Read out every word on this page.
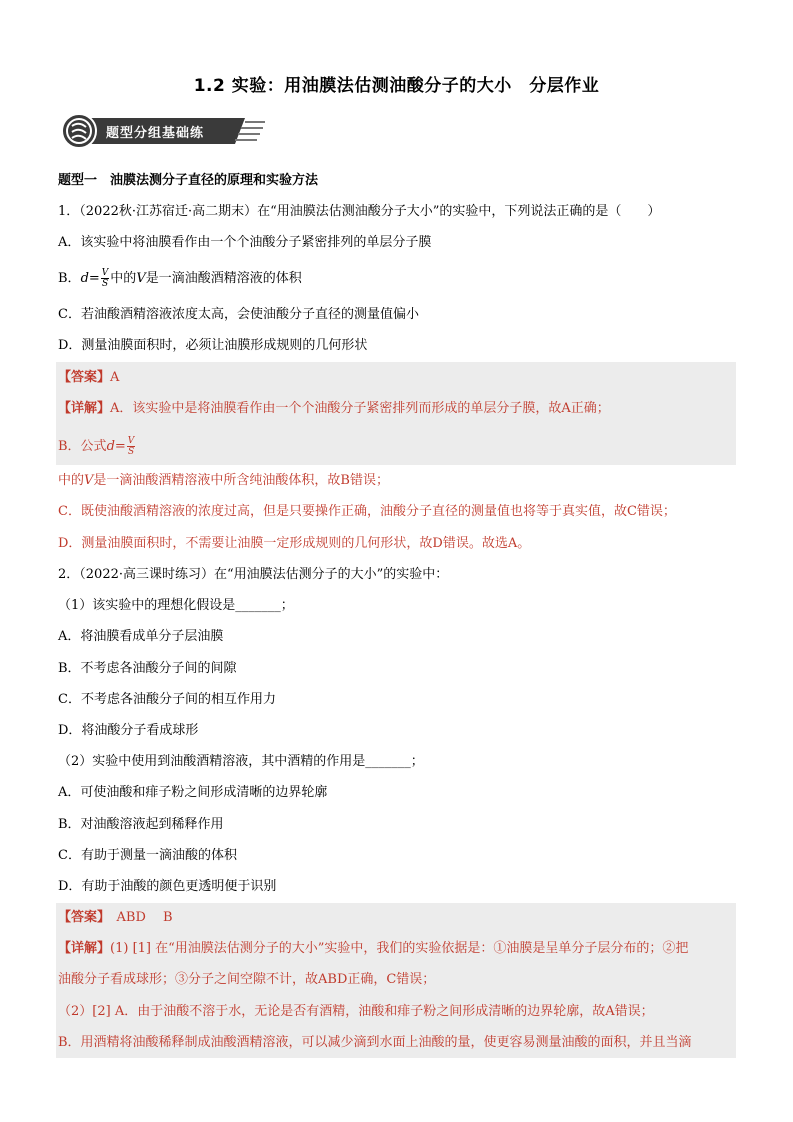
1.2 实验：用油膜法估测油酸分子的大小　分层作业
题型分组基础练
题型一　油膜法测分子直径的原理和实验方法
1．（2022秋·江苏宿迁·高二期末）在“用油膜法估测油酸分子大小”的实验中，下列说法正确的是（　　）
A．该实验中将油膜看作由一个个油酸分子紧密排列的单层分子膜
B．$d= \frac{V}{S}$ 中的V是一滴油酸酒精溶液的体积
C．若油酸酒精溶液浓度太高，会使油酸分子直径的测量值偏小
D．测量油膜面积时，必须让油膜形成规则的几何形状
【答案】A
【详解】A．该实验中是将油膜看作由一个个油酸分子紧密排列而形成的单层分子膜，故A正确；
B．公式$d= \frac{V}{S}$
中的V是一滴油酸酒精溶液中所含纯油酸体积，故B错误；
C．既使油酸酒精溶液的浓度过高，但是只要操作正确，油酸分子直径的测量值也将等于真实值，故C错误；
D．测量油膜面积时，不需要让油膜一定形成规则的几何形状，故D错误。故选A。
2．（2022·高三课时练习）在“用油膜法估测分子的大小”的实验中：
（1）该实验中的理想化假设是_______；
A．将油膜看成单分子层油膜
B．不考虑各油酸分子间的间隙
C．不考虑各油酸分子间的相互作用力
D．将油酸分子看成球形
（2）实验中使用到油酸酒精溶液，其中酒精的作用是_______；
A．可使油酸和痱子粉之间形成清晰的边界轮廓
B．对油酸溶液起到稀释作用
C．有助于测量一滴油酸的体积
D．有助于油酸的颜色更透明便于识别
【答案】　 ABD　 B
【详解】(1) [1] 在“用油膜法估测分子的大小”实验中，我们的实验依据是：①油膜是呈单分子层分布的；②把
油酸分子看成球形；③分子之间空隙不计，故ABD正确，C错误；
（2）[2] A．由于油酸不溶于水，无论是否有酒精，油酸和痱子粉之间形成清晰的边界轮廓，故A错误；
B．用酒精将油酸稀释制成油酸酒精溶液，可以减少滴到水面上油酸的量，使更容易测量油酸的面积，并且当滴
